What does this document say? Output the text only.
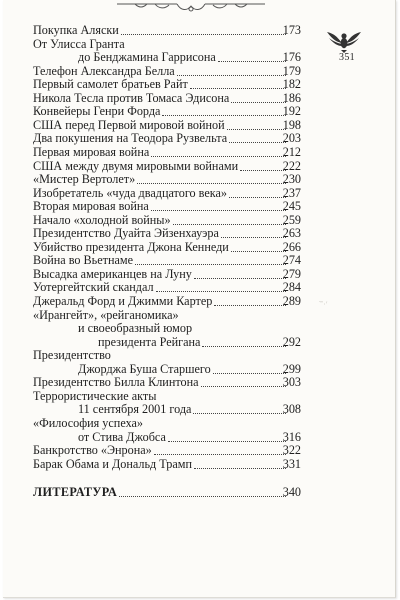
351
‷·′
Покупка Аляски	173
От Улисса Гранта
до Бенджамина Гаррисона	176
Телефон Александра Белла	179
Первый самолет братьев Райт	182
Никола Тесла против Томаса Эдисона	186
Конвейеры Генри Форда	192
США перед Первой мировой войной	198
Два покушения на Теодора Рузвельта	203
Первая мировая война	212
США между двумя мировыми войнами	222
«Мистер Вертолет»	230
Изобретатель «чуда двадцатого века»	237
Вторая мировая война	245
Начало «холодной войны»	259
Президентство Дуайта Эйзенхауэра	263
Убийство президента Джона Кеннеди	266
Война во Вьетнаме	274
Высадка американцев на Луну	279
Уотергейтский скандал	284
Джеральд Форд и Джимми Картер	289
«Ирангейт», «рейганомика»
и своеобразный юмор
президента Рейгана	292
Президентство
Джорджа Буша Старшего	299
Президентство Билла Клинтона	303
Террористические акты
11 сентября 2001 года	308
«Философия успеха»
от Стива Джобса	316
Банкротство «Энрона»	322
Барак Обама и Дональд Трамп	331
ЛИТЕРАТУРА	340
